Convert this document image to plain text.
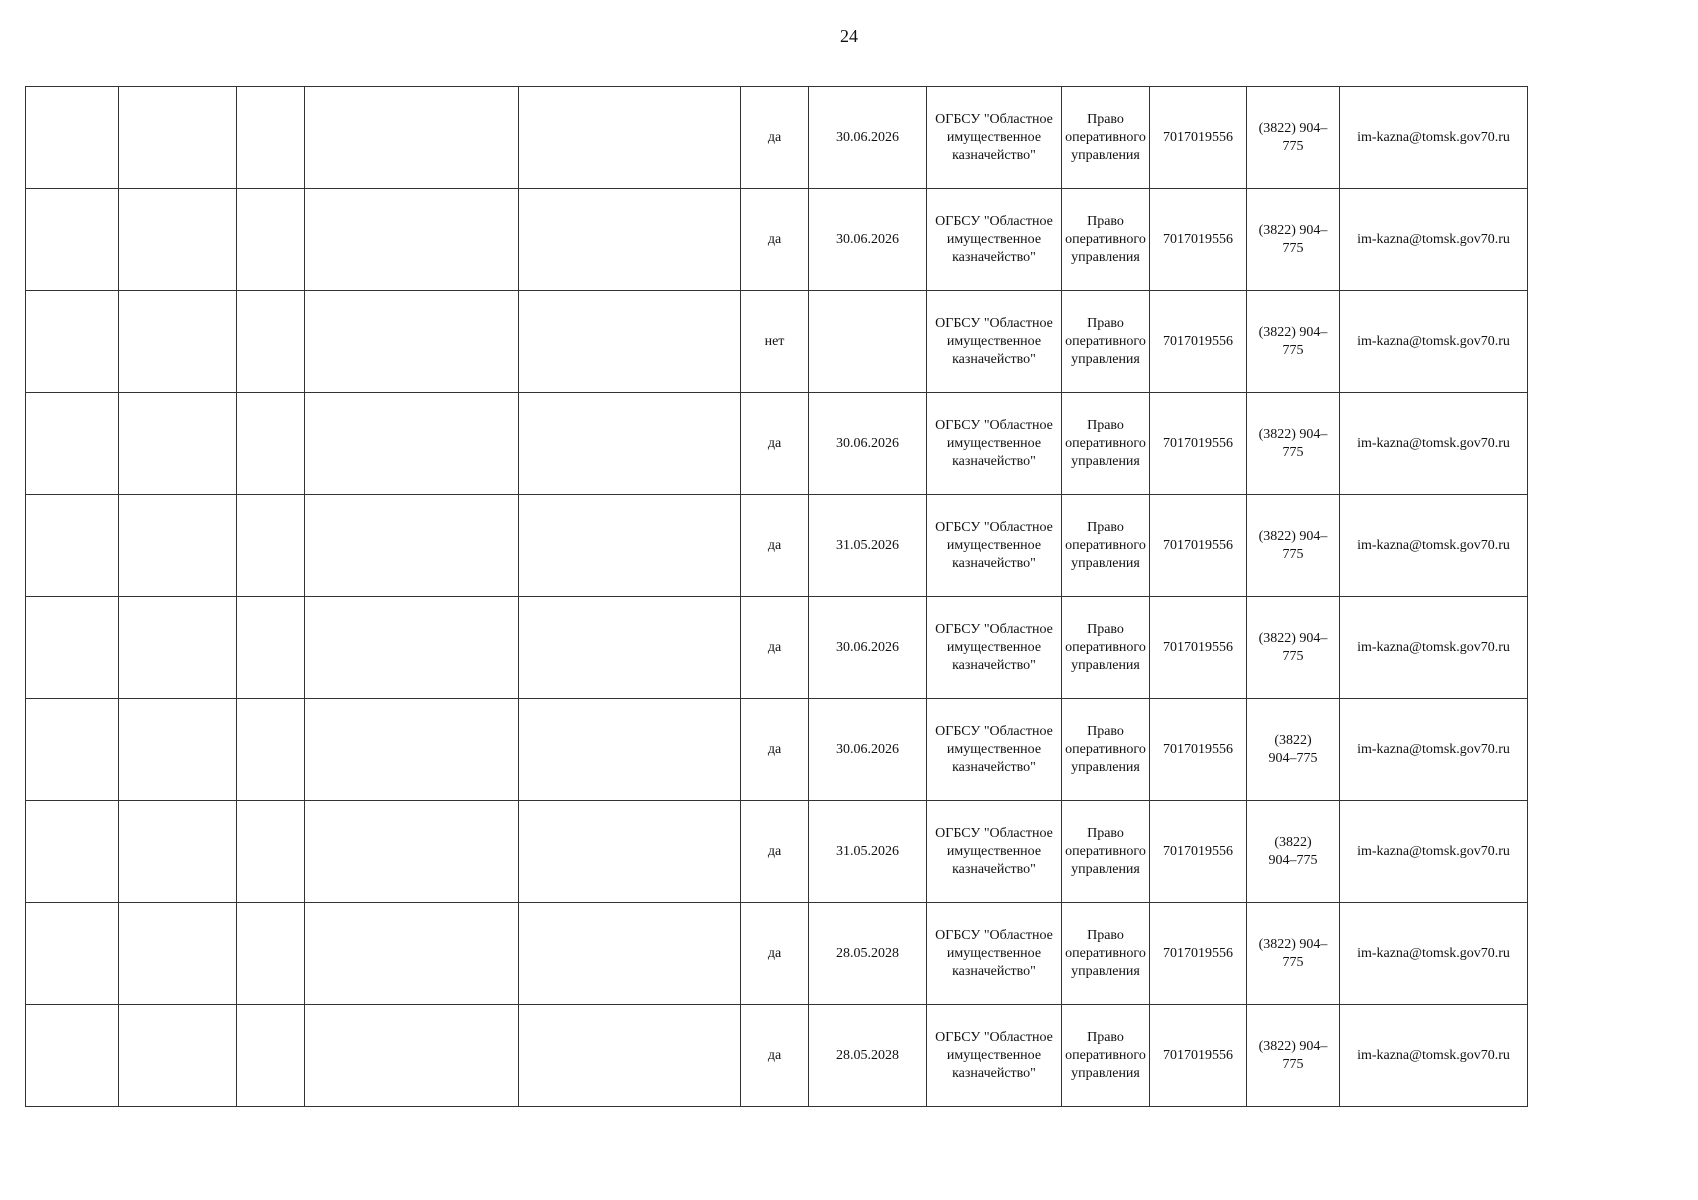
24
					да	30.06.2026	ОГБСУ "Областное
имущественное
казначейство"	Право
оперативного
управления	7017019556	(3822) 904–
775	im-kazna@tomsk.gov70.ru
					да	30.06.2026	ОГБСУ "Областное
имущественное
казначейство"	Право
оперативного
управления	7017019556	(3822) 904–
775	im-kazna@tomsk.gov70.ru
					нет		ОГБСУ "Областное
имущественное
казначейство"	Право
оперативного
управления	7017019556	(3822) 904–
775	im-kazna@tomsk.gov70.ru
					да	30.06.2026	ОГБСУ "Областное
имущественное
казначейство"	Право
оперативного
управления	7017019556	(3822) 904–
775	im-kazna@tomsk.gov70.ru
					да	31.05.2026	ОГБСУ "Областное
имущественное
казначейство"	Право
оперативного
управления	7017019556	(3822) 904–
775	im-kazna@tomsk.gov70.ru
					да	30.06.2026	ОГБСУ "Областное
имущественное
казначейство"	Право
оперативного
управления	7017019556	(3822) 904–
775	im-kazna@tomsk.gov70.ru
					да	30.06.2026	ОГБСУ "Областное
имущественное
казначейство"	Право
оперативного
управления	7017019556	(3822)
904–775	im-kazna@tomsk.gov70.ru
					да	31.05.2026	ОГБСУ "Областное
имущественное
казначейство"	Право
оперативного
управления	7017019556	(3822)
904–775	im-kazna@tomsk.gov70.ru
					да	28.05.2028	ОГБСУ "Областное
имущественное
казначейство"	Право
оперативного
управления	7017019556	(3822) 904–
775	im-kazna@tomsk.gov70.ru
					да	28.05.2028	ОГБСУ "Областное
имущественное
казначейство"	Право
оперативного
управления	7017019556	(3822) 904–
775	im-kazna@tomsk.gov70.ru
